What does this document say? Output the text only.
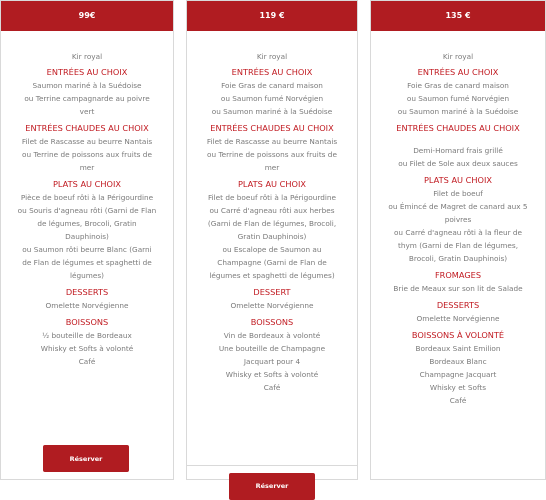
99€
Kir royal
ENTRÉES AU CHOIX
Saumon mariné à la Suédoise
ou Terrine campagnarde au poivre
vert
ENTRÉES CHAUDES AU CHOIX
Filet de Rascasse au beurre Nantais
ou Terrine de poissons aux fruits de
mer
PLATS AU CHOIX
Pièce de boeuf rôti à la Périgourdine
ou Souris d'agneau rôti (Garni de Flan
de légumes, Brocoli, Gratin
Dauphinois)
ou Saumon rôti beurre Blanc (Garni
de Flan de légumes et spaghetti de
légumes)
DESSERTS
Omelette Norvégienne
BOISSONS
½ bouteille de Bordeaux
Whisky et Softs à volonté
Café
Réserver
119 €
Kir royal
ENTRÉES AU CHOIX
Foie Gras de canard maison
ou Saumon fumé Norvégien
ou Saumon mariné à la Suédoise
ENTRÉES CHAUDES AU CHOIX
Filet de Rascasse au beurre Nantais
ou Terrine de poissons aux fruits de
mer
PLATS AU CHOIX
Filet de boeuf rôti à la Périgourdine
ou Carré d'agneau rôti aux herbes
(Garni de Flan de légumes, Brocoli,
Gratin Dauphinois)
ou Escalope de Saumon au
Champagne (Garni de Flan de
légumes et spaghetti de légumes)
DESSERT
Omelette Norvégienne
BOISSONS
Vin de Bordeaux à volonté
Une bouteille de Champagne
Jacquart pour 4
Whisky et Softs à volonté
Café
Réserver
135 €
Kir royal
ENTRÉES AU CHOIX
Foie Gras de canard maison
ou Saumon fumé Norvégien
ou Saumon mariné à la Suédoise
ENTRÉES CHAUDES AU CHOIX
Demi-Homard frais grillé
ou Filet de Sole aux deux sauces
PLATS AU CHOIX
Filet de boeuf
ou Émincé de Magret de canard aux 5
poivres
ou Carré d'agneau rôti à la fleur de
thym (Garni de Flan de légumes,
Brocoli, Gratin Dauphinois)
FROMAGES
Brie de Meaux sur son lit de Salade
DESSERTS
Omelette Norvégienne
BOISSONS À VOLONTÉ
Bordeaux Saint Emilion
Bordeaux Blanc
Champagne Jacquart
Whisky et Softs
Café
